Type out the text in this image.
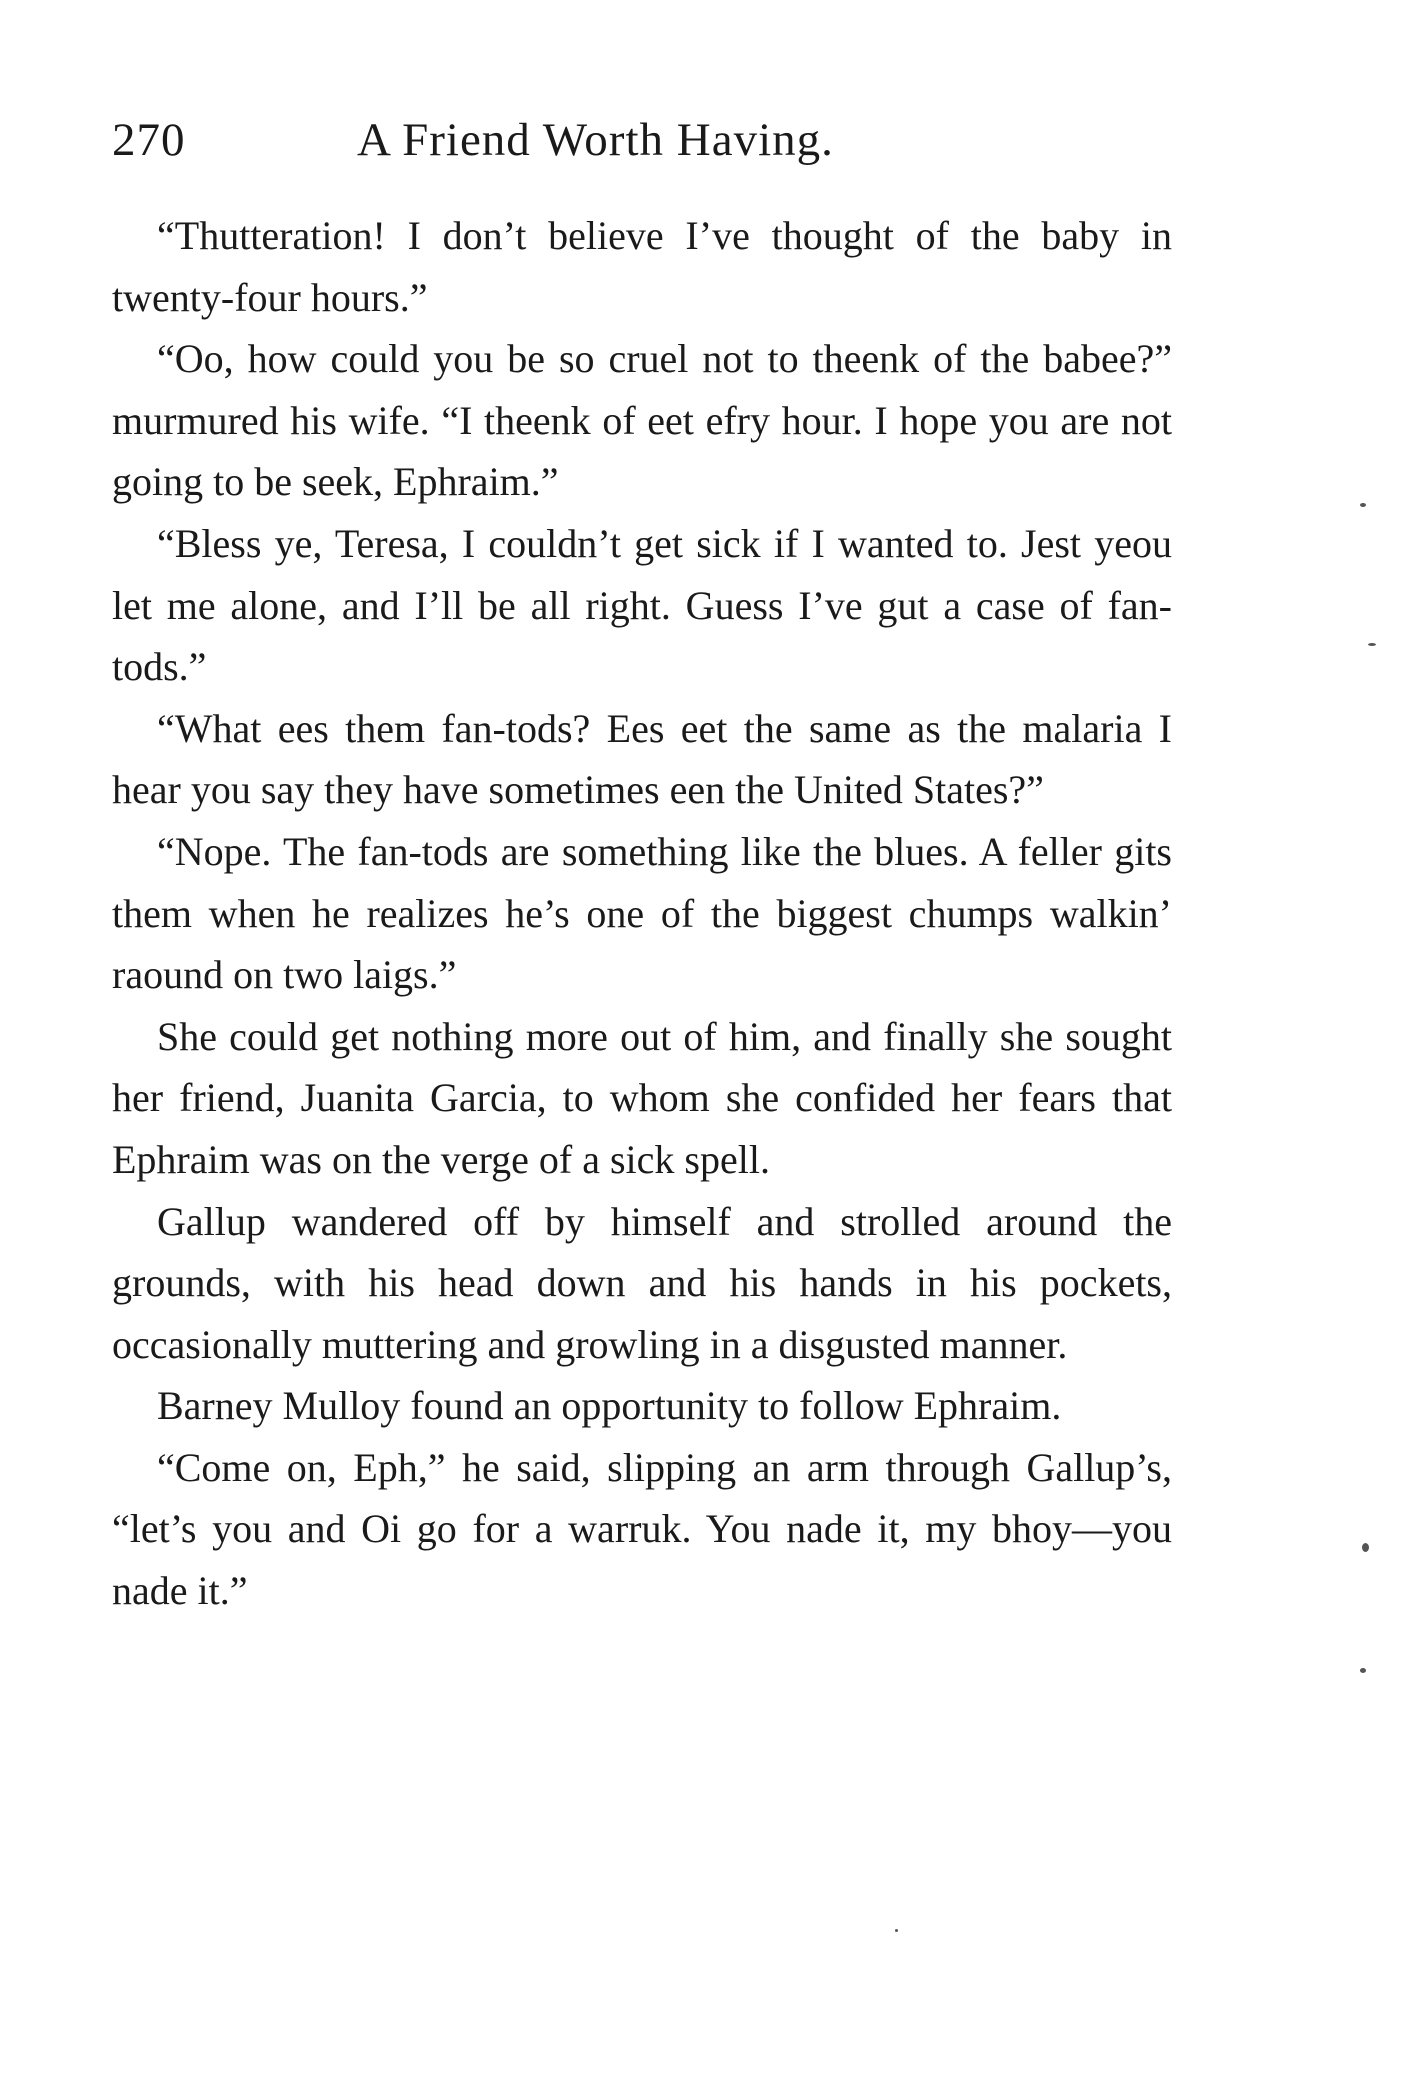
270	A Friend Worth Having.

“Thutteration! I don’t believe I’ve thought of the baby in twenty-four hours.”

“Oo, how could you be so cruel not to theenk of the babee?” murmured his wife. “I theenk of eet efry hour. I hope you are not going to be seek, Ephraim.”

“Bless ye, Teresa, I couldn’t get sick if I wanted to. Jest yeou let me alone, and I’ll be all right. Guess I’ve gut a case of fan-tods.”

“What ees them fan-tods? Ees eet the same as the malaria I hear you say they have sometimes een the United States?”

“Nope. The fan-tods are something like the blues. A feller gits them when he realizes he’s one of the biggest chumps walkin’ raound on two laigs.”

She could get nothing more out of him, and finally she sought her friend, Juanita Garcia, to whom she confided her fears that Ephraim was on the verge of a sick spell.

Gallup wandered off by himself and strolled around the grounds, with his head down and his hands in his pockets, occasionally muttering and growling in a disgusted manner.

Barney Mulloy found an opportunity to follow Ephraim.

“Come on, Eph,” he said, slipping an arm through Gallup’s, “let’s you and Oi go for a warruk. You nade it, my bhoy—you nade it.”
